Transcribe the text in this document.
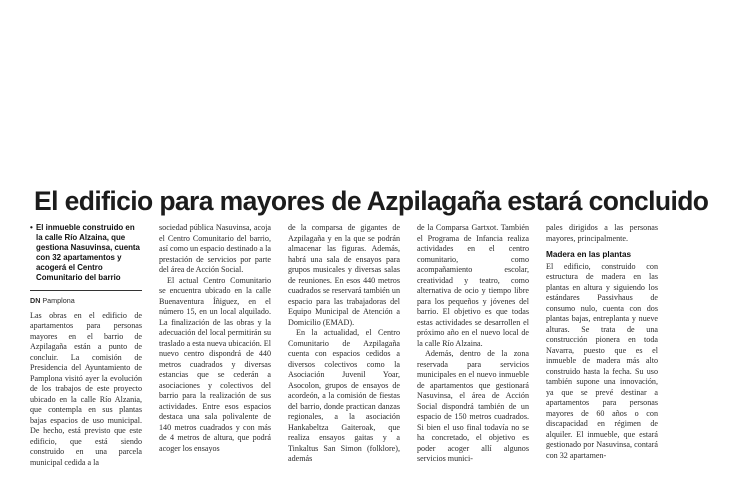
El edificio para mayores de Azpilagaña estará concluido
• El inmueble construido en la calle Río Alzaina, que gestiona Nasuvinsa, cuenta con 32 apartamentos y acogerá el Centro Comunitario del barrio
DN Pamplona

Las obras en el edificio de apartamentos para personas mayores en el barrio de Azpilagaña están a punto de concluir. La comisión de Presidencia del Ayuntamiento de Pamplona visitó ayer la evolución de los trabajos de este proyecto ubicado en la calle Río Alzania, que contempla en sus plantas bajas espacios de uso municipal. De hecho, está previsto que este edificio, que está siendo construido en una parcela municipal cedida a la

sociedad pública Nasuvinsa, acoja el Centro Comunitario del barrio, así como un espacio destinado a la prestación de servicios por parte del área de Acción Social.

El actual Centro Comunitario se encuentra ubicado en la calle Buenaventura Íñiguez, en el número 15, en un local alquilado. La finalización de las obras y la adecuación del local permitirán su traslado a esta nueva ubicación. El nuevo centro dispondrá de 440 metros cuadrados y diversas estancias que se cederán a asociaciones y colectivos del barrio para la realización de sus actividades. Entre esos espacios destaca una sala polivalente de 140 metros cuadrados y con más de 4 metros de altura, que podrá acoger los ensayos

de la comparsa de gigantes de Azpilagaña y en la que se podrán almacenar las figuras. Además, habrá una sala de ensayos para grupos musicales y diversas salas de reuniones. En esos 440 metros cuadrados se reservará también un espacio para las trabajadoras del Equipo Municipal de Atención a Domicilio (EMAD).

En la actualidad, el Centro Comunitario de Azpilagaña cuenta con espacios cedidos a diversos colectivos como la Asociación Juvenil Yoar, Asocolon, grupos de ensayos de acordeón, a la comisión de fiestas del barrio, donde practican danzas regionales, a la asociación Hankabeltza Gaiteroak, que realiza ensayos gaitas y a Tinkaltus San Simon (folklore), además

de la Comparsa Gartxot. También el Programa de Infancia realiza actividades en el centro comunitario, como acompañamiento escolar, creatividad y teatro, como alternativa de ocio y tiempo libre para los pequeños y jóvenes del barrio. El objetivo es que todas estas actividades se desarrollen el próximo año en el nuevo local de la calle Río Alzaina.

Además, dentro de la zona reservada para servicios municipales en el nuevo inmueble de apartamentos que gestionará Nasuvinsa, el área de Acción Social dispondrá también de un espacio de 150 metros cuadrados. Si bien el uso final todavía no se ha concretado, el objetivo es poder acoger allí algunos servicios munici-

pales dirigidos a las personas mayores, principalmente.

Madera en las plantas

El edificio, construido con estructura de madera en las plantas en altura y siguiendo los estándares Passivhaus de consumo nulo, cuenta con dos plantas bajas, entreplanta y nueve alturas. Se trata de una construcción pionera en toda Navarra, puesto que es el inmueble de madera más alto construido hasta la fecha. Su uso también supone una innovación, ya que se prevé destinar a apartamentos para personas mayores de 60 años o con discapacidad en régimen de alquiler. El inmueble, que estará gestionado por Nasuvinsa, contará con 32 apartamen-
